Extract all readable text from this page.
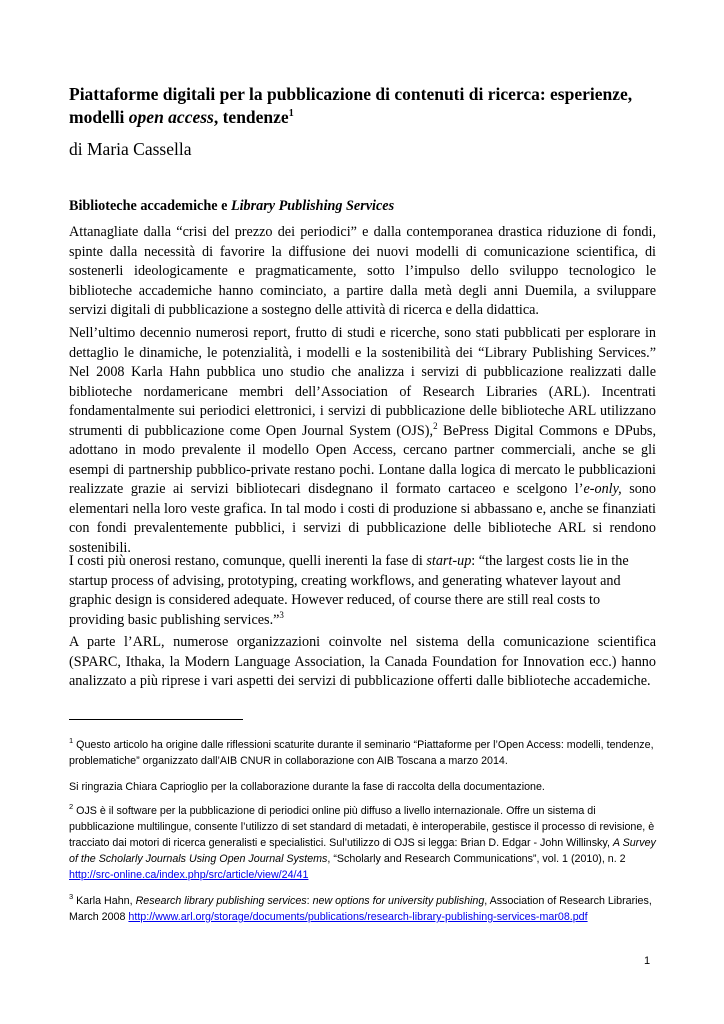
Piattaforme digitali per la pubblicazione di contenuti di ricerca: esperienze, modelli open access, tendenze$^1$

di Maria Cassella

Biblioteche accademiche e Library Publishing Services

Attanagliate dalla “crisi del prezzo dei periodici” e dalla contemporanea drastica riduzione di fondi, spinte dalla necessità di favorire la diffusione dei nuovi modelli di comunicazione scientifica, di sostenerli ideologicamente e pragmaticamente, sotto l’impulso dello sviluppo tecnologico le biblioteche accademiche hanno cominciato, a partire dalla metà degli anni Duemila, a sviluppare servizi digitali di pubblicazione a sostegno delle attività di ricerca e della didattica.

Nell’ultimo decennio numerosi report, frutto di studi e ricerche, sono stati pubblicati per esplorare in dettaglio le dinamiche, le potenzialità, i modelli e la sostenibilità dei “Library Publishing Services.” Nel 2008 Karla Hahn pubblica uno studio che analizza i servizi di pubblicazione realizzati dalle biblioteche nordamericane membri dell’Association of Research Libraries (ARL). Incentrati fondamentalmente sui periodici elettronici, i servizi di pubblicazione delle biblioteche ARL utilizzano strumenti di pubblicazione come Open Journal System (OJS),$^2$ BePress Digital Commons e DPubs, adottano in modo prevalente il modello Open Access, cercano partner commerciali, anche se gli esempi di partnership pubblico-private restano pochi. Lontane dalla logica di mercato le pubblicazioni realizzate grazie ai servizi bibliotecari disdegnano il formato cartaceo e scelgono l’e-only, sono elementari nella loro veste grafica. In tal modo i costi di produzione si abbassano e, anche se finanziati con fondi prevalentemente pubblici, i servizi di pubblicazione delle biblioteche ARL si rendono sostenibili.

I costi più onerosi restano, comunque, quelli inerenti la fase di start-up: “the largest costs lie in the startup process of advising, prototyping, creating workflows, and generating whatever layout and graphic design is considered adequate. However reduced, of course there are still real costs to providing basic publishing services.”$^3$

A parte l’ARL, numerose organizzazioni coinvolte nel sistema della comunicazione scientifica (SPARC, Ithaka, la Modern Language Association, la Canada Foundation for Innovation ecc.) hanno analizzato a più riprese i vari aspetti dei servizi di pubblicazione offerti dalle biblioteche accademiche.

$^1$ Questo articolo ha origine dalle riflessioni scaturite durante il seminario “Piattaforme per l’Open Access: modelli, tendenze, problematiche” organizzato dall’AIB CNUR in collaborazione con AIB Toscana a marzo 2014.

Si ringrazia Chiara Caprioglio per la collaborazione durante la fase di raccolta della documentazione.

$^2$ OJS è il software per la pubblicazione di periodici online più diffuso a livello internazionale. Offre un sistema di pubblicazione multilingue, consente l’utilizzo di set standard di metadati, è interoperabile, gestisce il processo di revisione, è tracciato dai motori di ricerca generalisti e specialistici. Sul’utilizzo di OJS si legga: Brian D. Edgar - John Willinsky, A Survey of the Scholarly Journals Using Open Journal Systems, “Scholarly and Research Communications”, vol. 1 (2010), n. 2 http://src-online.ca/index.php/src/article/view/24/41

$^3$ Karla Hahn, Research library publishing services: new options for university publishing, Association of Research Libraries, March 2008 http://www.arl.org/storage/documents/publications/research-library-publishing-services-mar08.pdf

1
